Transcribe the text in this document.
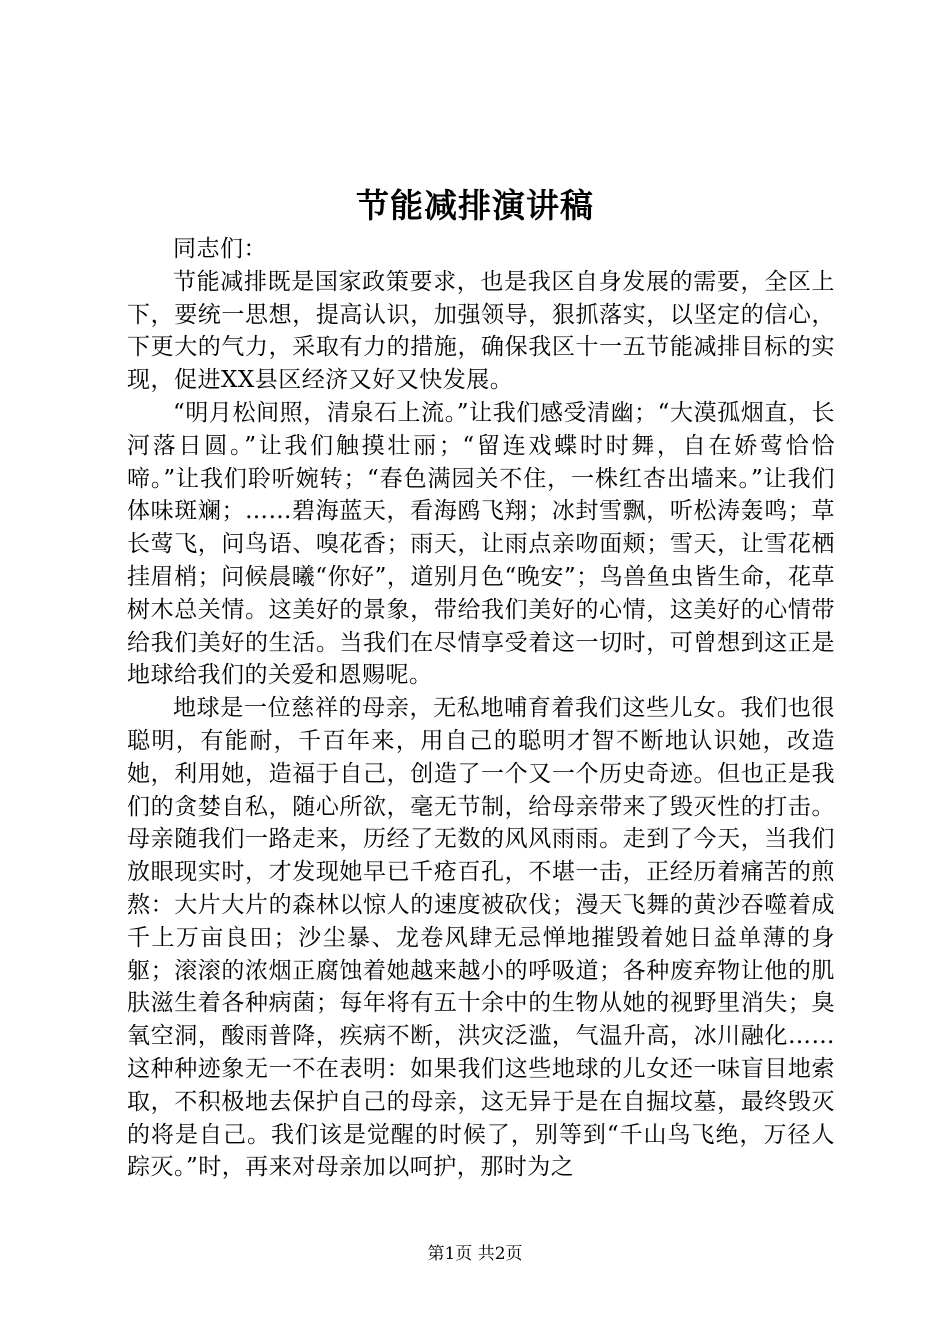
节能减排演讲稿

同志们：

节能减排既是国家政策要求，也是我区自身发展的需要，全区上下，要统一思想，提高认识，加强领导，狠抓落实，以坚定的信心，下更大的气力，采取有力的措施，确保我区十一五节能减排目标的实现，促进XX县区经济又好又快发展。

“明月松间照，清泉石上流。”让我们感受清幽；“大漠孤烟直，长河落日圆。”让我们触摸壮丽；“留连戏蝶时时舞，自在娇莺恰恰啼。”让我们聆听婉转；“春色满园关不住，一株红杏出墙来。”让我们体味斑斓；……碧海蓝天，看海鸥飞翔；冰封雪飘，听松涛轰鸣；草长莺飞，问鸟语、嗅花香；雨天，让雨点亲吻面颊；雪天，让雪花栖挂眉梢；问候晨曦“你好”，道别月色“晚安”；鸟兽鱼虫皆生命，花草树木总关情。这美好的景象，带给我们美好的心情，这美好的心情带给我们美好的生活。当我们在尽情享受着这一切时，可曾想到这正是地球给我们的关爱和恩赐呢。

地球是一位慈祥的母亲，无私地哺育着我们这些儿女。我们也很聪明，有能耐，千百年来，用自己的聪明才智不断地认识她，改造她，利用她，造福于自己，创造了一个又一个历史奇迹。但也正是我们的贪婪自私，随心所欲，毫无节制，给母亲带来了毁灭性的打击。母亲随我们一路走来，历经了无数的风风雨雨。走到了今天，当我们放眼现实时，才发现她早已千疮百孔，不堪一击，正经历着痛苦的煎熬：大片大片的森林以惊人的速度被砍伐；漫天飞舞的黄沙吞噬着成千上万亩良田；沙尘暴、龙卷风肆无忌惮地摧毁着她日益单薄的身躯；滚滚的浓烟正腐蚀着她越来越小的呼吸道；各种废弃物让他的肌肤滋生着各种病菌；每年将有五十余中的生物从她的视野里消失；臭氧空洞，酸雨普降，疾病不断，洪灾泛滥，气温升高，冰川融化……这种种迹象无一不在表明：如果我们这些地球的儿女还一味盲目地索取，不积极地去保护自己的母亲，这无异于是在自掘坟墓，最终毁灭的将是自己。我们该是觉醒的时候了，别等到“千山鸟飞绝，万径人踪灭。”时，再来对母亲加以呵护，那时为之

第1页 共2页
